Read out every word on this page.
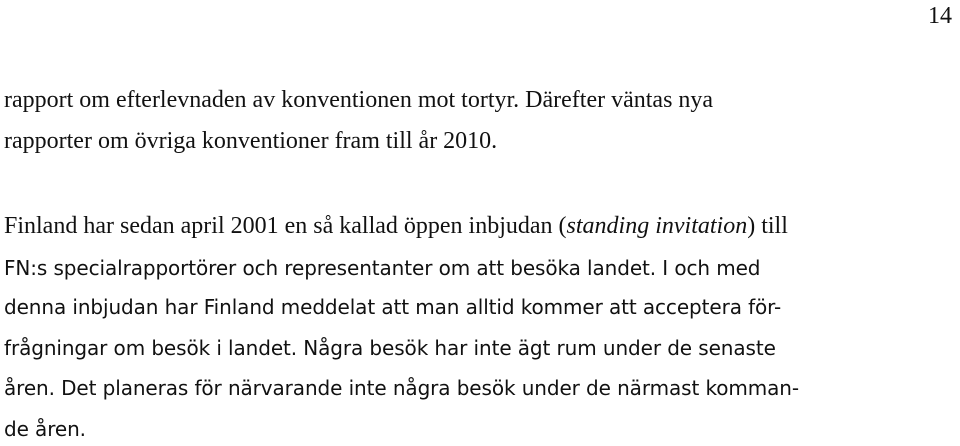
14
rapport om efterlevnaden av konventionen mot tortyr. Därefter väntas nya
rapporter om övriga konventioner fram till år 2010.
Finland har sedan april 2001 en så kallad öppen inbjudan (standing invitation) till
FN:s specialrapportörer och representanter om att besöka landet. I och med
denna inbjudan har Finland meddelat att man alltid kommer att acceptera för-
frågningar om besök i landet. Några besök har inte ägt rum under de senaste
åren. Det planeras för närvarande inte några besök under de närmast komman-
de åren.
